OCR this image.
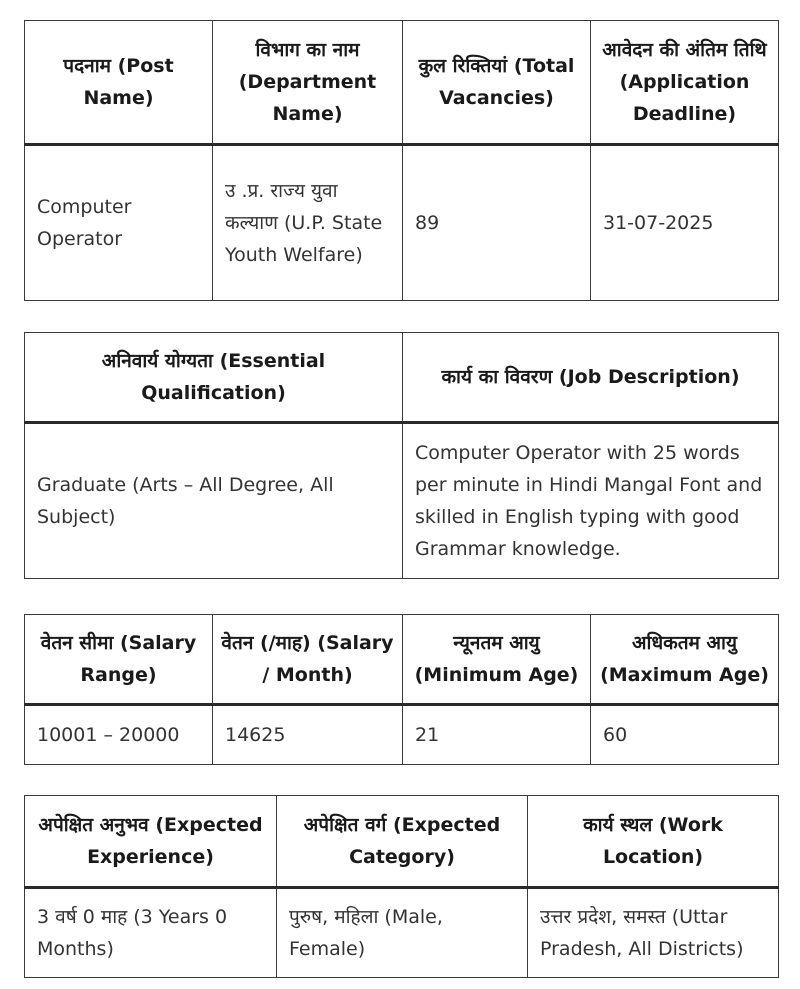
पदनाम (Post Name)	विभाग का नाम (Department Name)	कुल रिक्तियां (Total Vacancies)	आवेदन की अंतिम तिथि (Application Deadline)
Computer Operator	उ .प्र. राज्य युवा कल्याण (U.P. State Youth Welfare)	89	31-07-2025
अनिवार्य योग्यता (Essential Qualification)	कार्य का विवरण (Job Description)
Graduate (Arts – All Degree, All Subject)	Computer Operator with 25 words per minute in Hindi Mangal Font and skilled in English typing with good Grammar knowledge.
वेतन सीमा (Salary Range)	वेतन (/माह) (Salary / Month)	न्यूनतम आयु (Minimum Age)	अधिकतम आयु (Maximum Age)
10001 – 20000	14625	21	60
अपेक्षित अनुभव (Expected Experience)	अपेक्षित वर्ग (Expected Category)	कार्य स्थल (Work Location)
3 वर्ष 0 माह (3 Years 0 Months)	पुरुष, महिला (Male, Female)	उत्तर प्रदेश, समस्त (Uttar Pradesh, All Districts)
